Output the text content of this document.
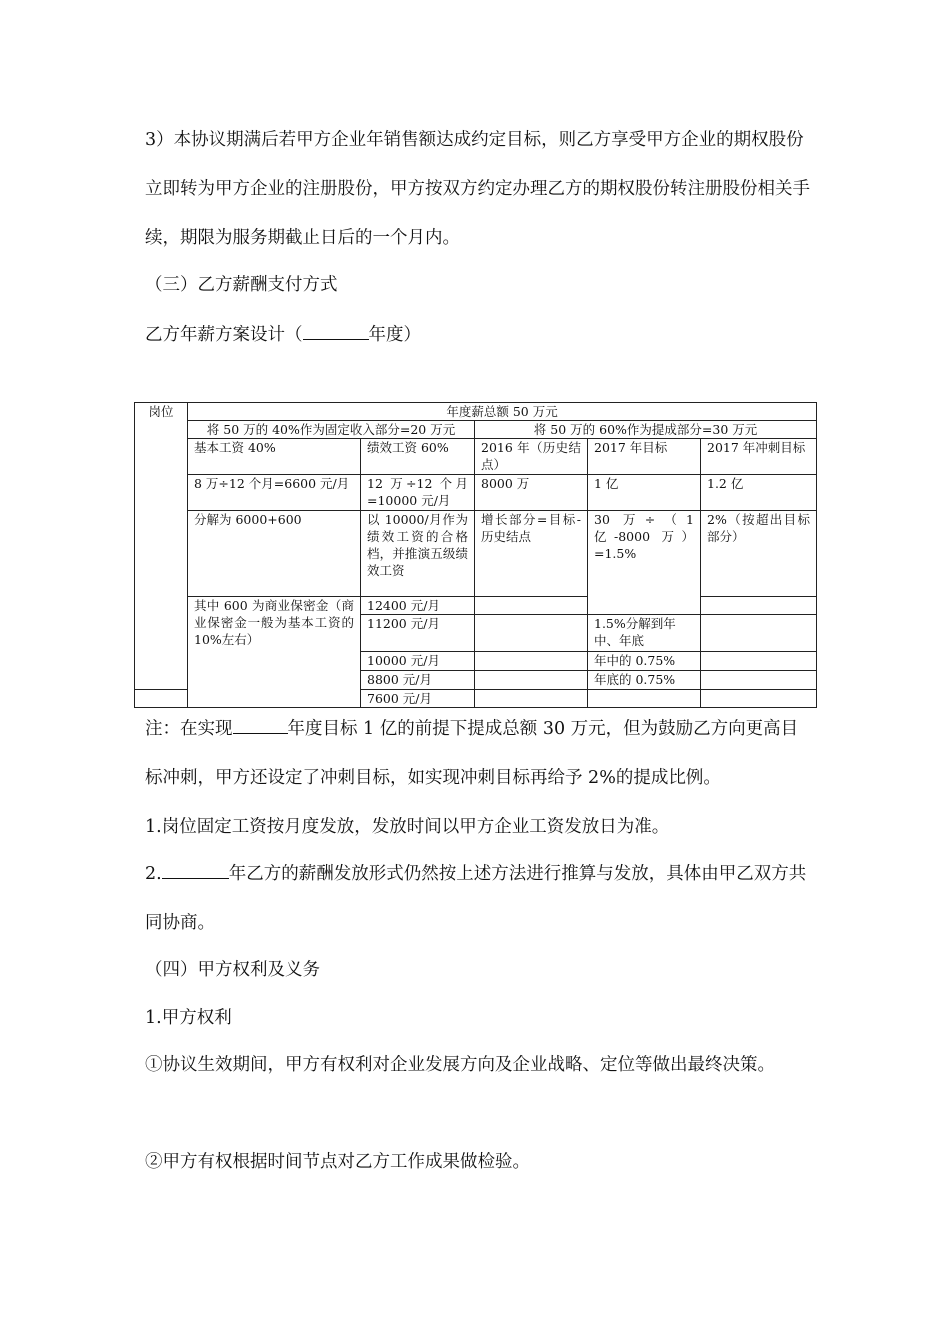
3）本协议期满后若甲方企业年销售额达成约定目标，则乙方享受甲方企业的期权股份立即转为甲方企业的注册股份，甲方按双方约定办理乙方的期权股份转注册股份相关手续，期限为服务期截止日后的一个月内。
（三）乙方薪酬支付方式
乙方年薪方案设计（	年度）
岗位	年度薪总额 50 万元				
	将 50 万的 40%作为固定收入部分=20 万元		将 50 万的 60%作为提成部分=30 万元		
	基本工资 40%	绩效工资 60%	2016 年（历史结点）	2017 年目标	2017 年冲刺目标
	8 万÷12 个月=6600 元/月	12 万÷12 个月=10000 元/月	8000 万	1 亿	1.2 亿
	分解为 6000+600	以 10000/月作为绩效工资的合格档，并推演五级绩效工资	增长部分=目标-历史结点	30 万÷（1 亿-8000 万）=1.5%	2%（按超出目标部分）
	其中 600 为商业保密金（商业保密金一般为基本工资的 10%左右）	12400 元/月			
		11200 元/月		1.5%分解到年中、年底	
		10000 元/月		年中的 0.75%	
		8800 元/月		年底的 0.75%	
		7600 元/月			
注：在实现	年度目标 1 亿的前提下提成总额 30 万元，但为鼓励乙方向更高目标冲刺，甲方还设定了冲刺目标，如实现冲刺目标再给予 2%的提成比例。
1.岗位固定工资按月度发放，发放时间以甲方企业工资发放日为准。
2.	年乙方的薪酬发放形式仍然按上述方法进行推算与发放，具体由甲乙双方共同协商。
（四）甲方权利及义务
1.甲方权利
①协议生效期间，甲方有权利对企业发展方向及企业战略、定位等做出最终决策。
②甲方有权根据时间节点对乙方工作成果做检验。
